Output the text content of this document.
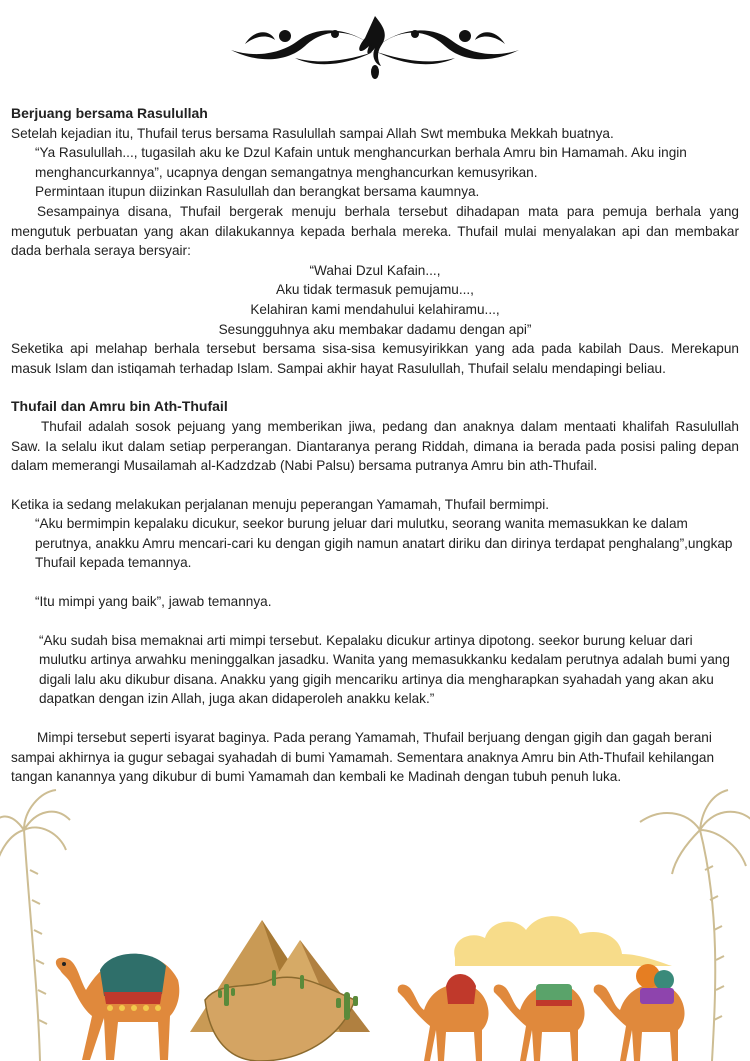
Berjuang bersama Rasulullah

Setelah kejadian itu, Thufail terus bersama Rasulullah sampai Allah Swt membuka Mekkah buatnya.

“Ya Rasulullah..., tugasilah aku ke Dzul Kafain untuk menghancurkan berhala Amru bin Hamamah. Aku ingin menghancurkannya”, ucapnya dengan semangatnya menghancurkan kemusyrikan.

Permintaan itupun diizinkan Rasulullah dan berangkat bersama kaumnya.

Sesampainya disana, Thufail bergerak menuju berhala tersebut dihadapan mata para pemuja berhala yang mengutuk perbuatan yang akan dilakukannya kepada berhala mereka. Thufail mulai menyalakan api dan membakar dada berhala seraya bersyair:

“Wahai Dzul Kafain...,

Aku tidak termasuk pemujamu...,

Kelahiran kami mendahului kelahiramu...,

Sesungguhnya aku membakar dadamu dengan api”

Seketika api melahap berhala tersebut bersama sisa-sisa kemusyirikkan yang ada pada kabilah Daus. Merekapun masuk Islam dan istiqamah terhadap Islam. Sampai akhir hayat Rasulullah, Thufail selalu mendapingi beliau.

Thufail dan Amru bin Ath-Thufail

Thufail adalah sosok pejuang yang memberikan jiwa, pedang dan anaknya dalam mentaati khalifah Rasulullah Saw. Ia selalu ikut dalam setiap perperangan. Diantaranya perang Riddah, dimana ia berada pada posisi paling depan dalam memerangi Musailamah al-Kadzdzab (Nabi Palsu) bersama putranya Amru bin ath-Thufail.

Ketika ia sedang melakukan perjalanan menuju peperangan Yamamah, Thufail bermimpi.

“Aku bermimpin kepalaku dicukur, seekor burung jeluar dari mulutku, seorang wanita memasukkan ke dalam perutnya, anakku Amru mencari-cari ku dengan gigih namun anatart diriku dan dirinya terdapat penghalang”,ungkap Thufail kepada temannya.

“Itu mimpi yang baik”, jawab temannya.

“Aku sudah bisa memaknai arti mimpi tersebut. Kepalaku dicukur artinya dipotong. seekor burung keluar dari mulutku artinya arwahku meninggalkan jasadku. Wanita yang memasukkanku kedalam perutnya adalah bumi yang digali lalu aku dikubur disana. Anakku yang gigih mencariku artinya dia mengharapkan syahadah yang akan aku dapatkan dengan izin Allah, juga akan didaperoleh anakku kelak.”

Mimpi tersebut seperti isyarat baginya. Pada perang Yamamah, Thufail berjuang dengan gigih dan gagah berani sampai akhirnya ia gugur sebagai syahadah di bumi Yamamah. Sementara anaknya Amru bin Ath-Thufail kehilangan tangan kanannya yang dikubur di bumi Yamamah dan kembali ke Madinah dengan tubuh penuh luka.
